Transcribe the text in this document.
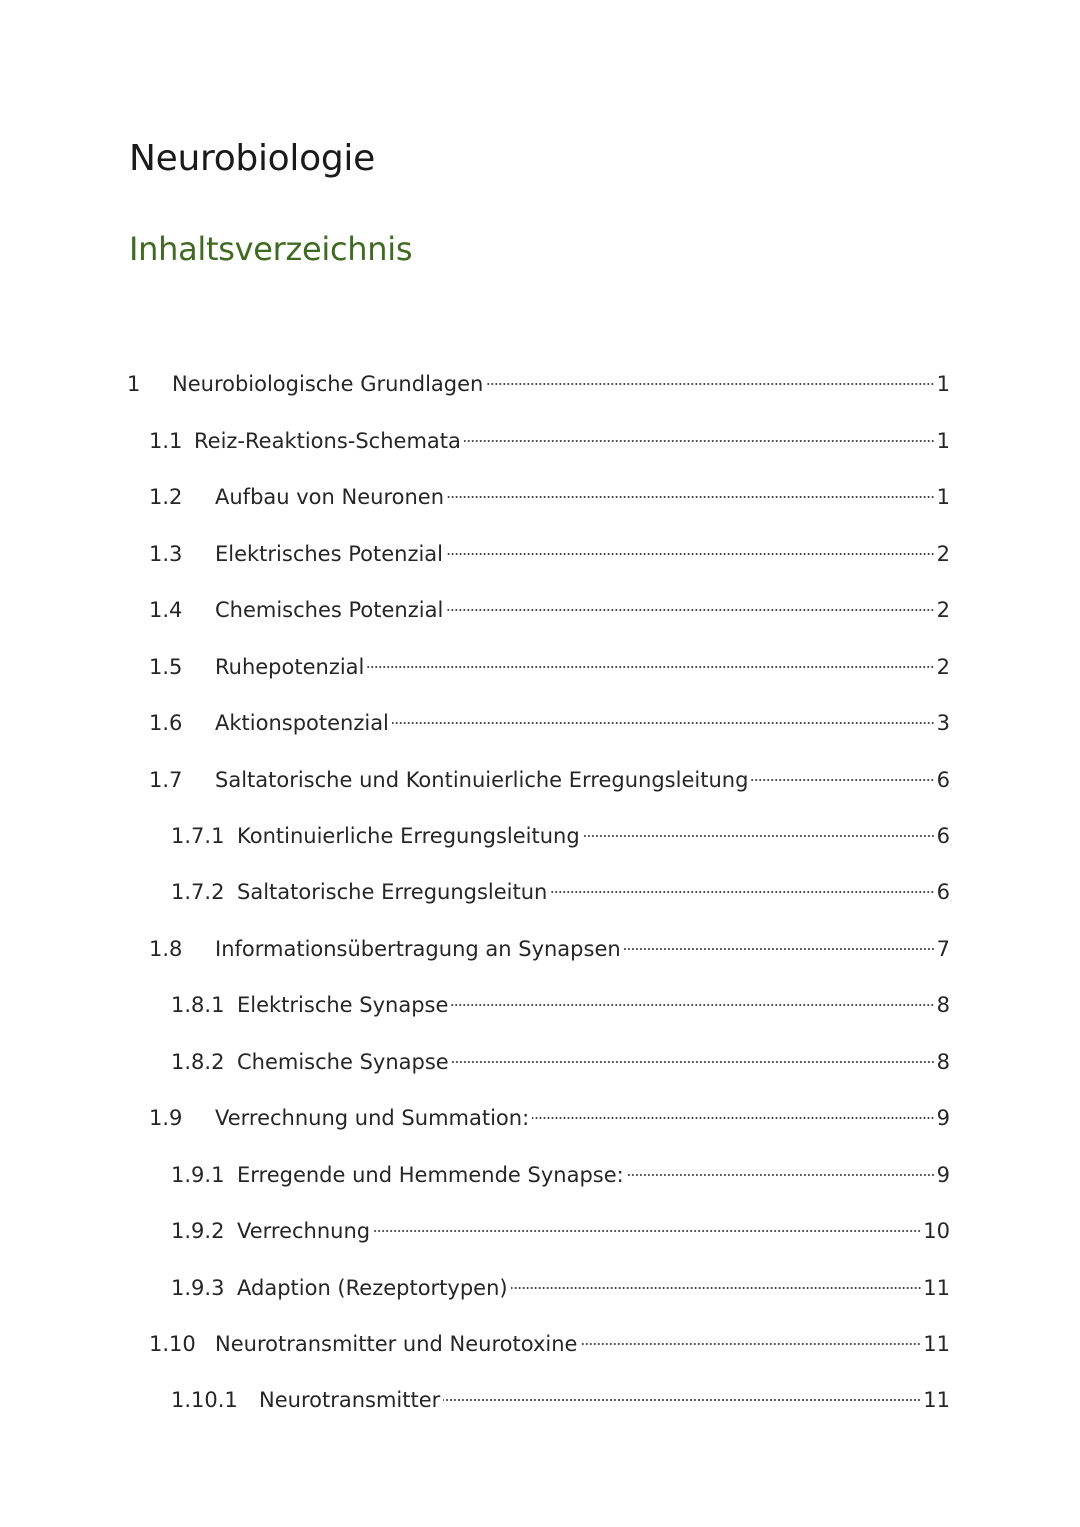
Neurobiologie
Inhaltsverzeichnis
1	Neurobiologische Grundlagen	1
1.1 Reiz-Reaktions-Schemata	1
1.2	Aufbau von Neuronen	1
1.3	Elektrisches Potenzial	2
1.4	Chemisches Potenzial	2
1.5	Ruhepotenzial	2
1.6	Aktionspotenzial	3
1.7	Saltatorische und Kontinuierliche Erregungsleitung	6
1.7.1 Kontinuierliche Erregungsleitung	6
1.7.2 Saltatorische Erregungsleitun	6
1.8	Informationsübertragung an Synapsen	7
1.8.1 Elektrische Synapse	8
1.8.2 Chemische Synapse	8
1.9	Verrechnung und Summation:	9
1.9.1 Erregende und Hemmende Synapse:	9
1.9.2 Verrechnung	10
1.9.3 Adaption (Rezeptortypen)	11
1.10 Neurotransmitter und Neurotoxine	11
1.10.1	Neurotransmitter	11
